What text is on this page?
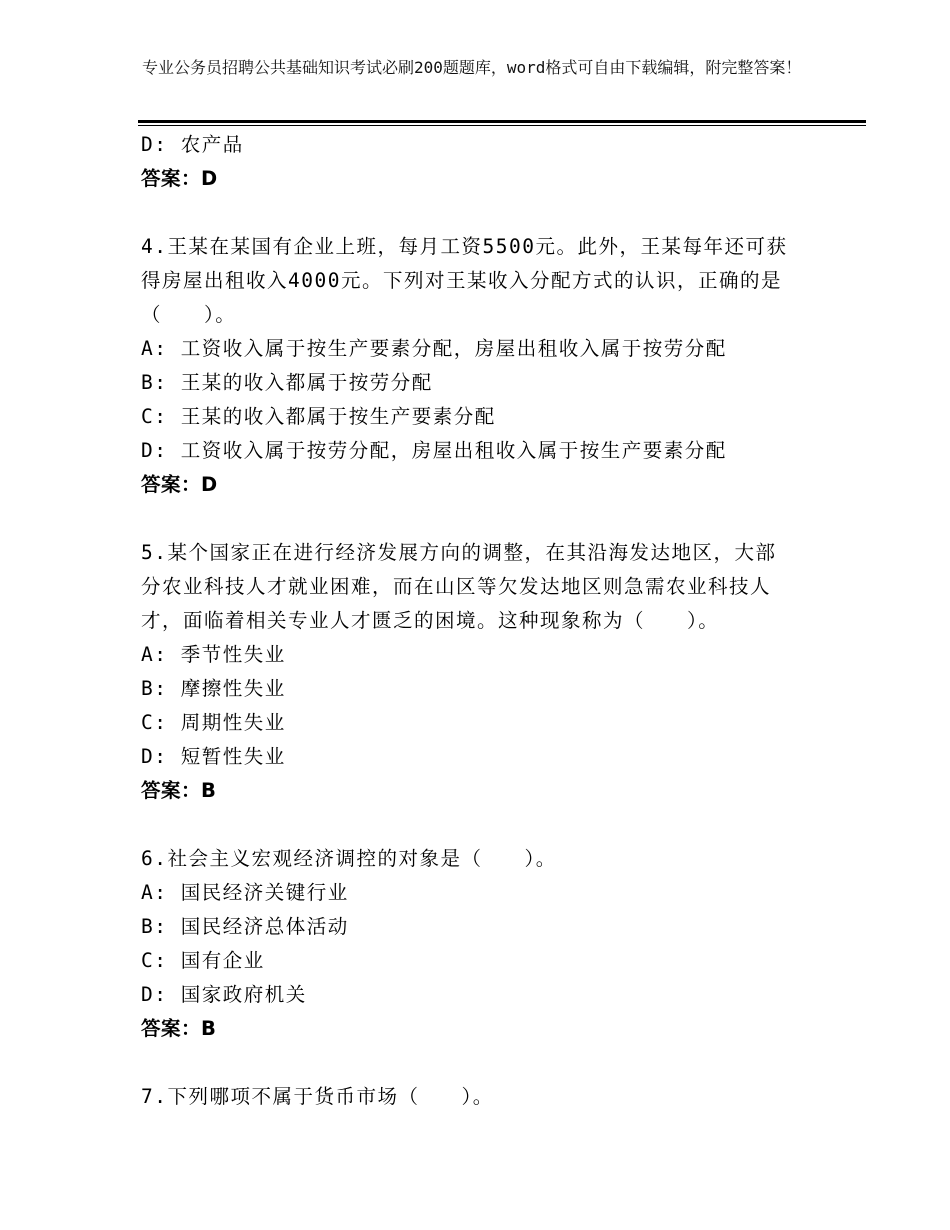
专业公务员招聘公共基础知识考试必刷200题题库，word格式可自由下载编辑，附完整答案！
D: 农产品
答案：D
4.王某在某国有企业上班，每月工资5500元。此外，王某每年还可获
得房屋出租收入4000元。下列对王某收入分配方式的认识，正确的是
（　　）。
A: 工资收入属于按生产要素分配，房屋出租收入属于按劳分配
B: 王某的收入都属于按劳分配
C: 王某的收入都属于按生产要素分配
D: 工资收入属于按劳分配，房屋出租收入属于按生产要素分配
答案：D
5.某个国家正在进行经济发展方向的调整，在其沿海发达地区，大部
分农业科技人才就业困难，而在山区等欠发达地区则急需农业科技人
才，面临着相关专业人才匮乏的困境。这种现象称为（　　）。
A: 季节性失业
B: 摩擦性失业
C: 周期性失业
D: 短暂性失业
答案：B
6.社会主义宏观经济调控的对象是（　　）。
A: 国民经济关键行业
B: 国民经济总体活动
C: 国有企业
D: 国家政府机关
答案：B
7.下列哪项不属于货币市场（　　）。
